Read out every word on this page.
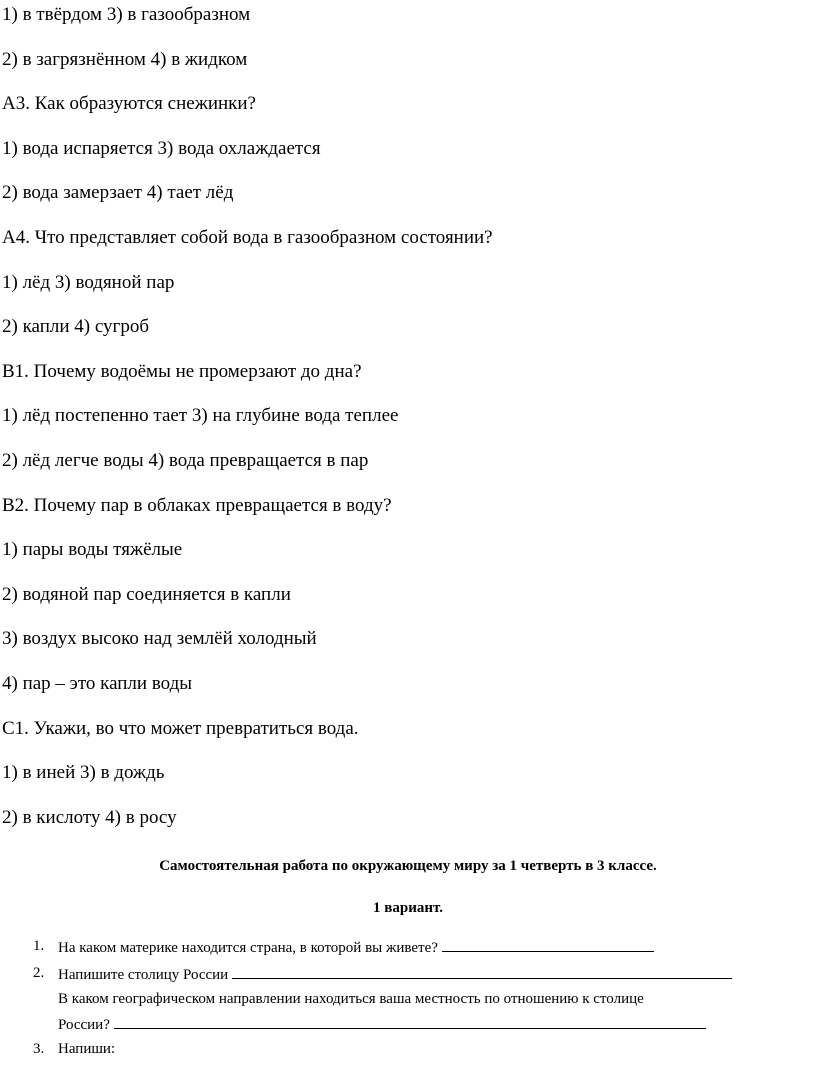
1) в твёрдом 3) в газообразном
2) в загрязнённом 4) в жидком
А3. Как образуются снежинки?
1) вода испаряется 3) вода охлаждается
2) вода замерзает 4) тает лёд
А4. Что представляет собой вода в газообразном состоянии?
1) лёд 3) водяной пар
2) капли 4) сугроб
В1. Почему водоёмы не промерзают до дна?
1) лёд постепенно тает 3) на глубине вода теплее
2) лёд легче воды 4) вода превращается в пар
В2. Почему пар в облаках превращается в воду?
1) пары воды тяжёлые
2) водяной пар соединяется в капли
3) воздух высоко над землёй холодный
4) пар – это капли воды
С1. Укажи, во что может превратиться вода.
1) в иней 3) в дождь
2) в кислоту 4) в росу
Самостоятельная работа по окружающему миру за 1 четверть в 3 классе.
1 вариант.
1. На каком материке находится страна, в которой вы живете?
2. Напишите столицу России
В каком географическом направлении находиться ваша местность по отношению к столице
России?
3. Напиши:
